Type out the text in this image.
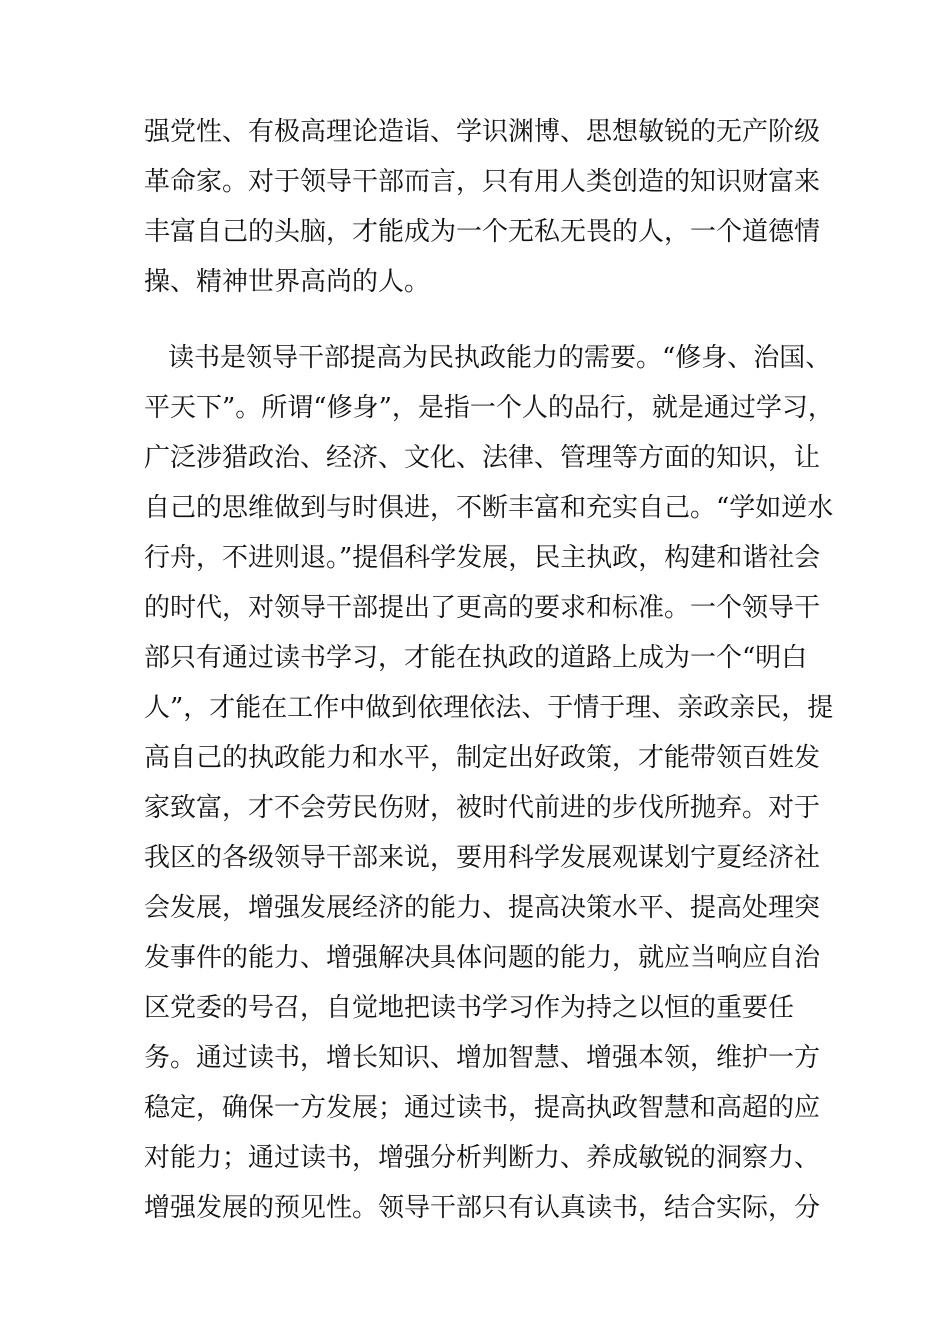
强党性、有极高理论造诣、学识渊博、思想敏锐的无产阶级
革命家。对于领导干部而言，只有用人类创造的知识财富来
丰富自己的头脑，才能成为一个无私无畏的人，一个道德情
操、精神世界高尚的人。
读书是领导干部提高为民执政能力的需要。“修身、治国、
平天下”。所谓“修身”，是指一个人的品行，就是通过学习，
广泛涉猎政治、经济、文化、法律、管理等方面的知识，让
自己的思维做到与时俱进，不断丰富和充实自己。“学如逆水
行舟，不进则退。”提倡科学发展，民主执政，构建和谐社会
的时代，对领导干部提出了更高的要求和标准。一个领导干
部只有通过读书学习，才能在执政的道路上成为一个“明白
人”，才能在工作中做到依理依法、于情于理、亲政亲民，提
高自己的执政能力和水平，制定出好政策，才能带领百姓发
家致富，才不会劳民伤财，被时代前进的步伐所抛弃。对于
我区的各级领导干部来说，要用科学发展观谋划宁夏经济社
会发展，增强发展经济的能力、提高决策水平、提高处理突
发事件的能力、增强解决具体问题的能力，就应当响应自治
区党委的号召，自觉地把读书学习作为持之以恒的重要任
务。通过读书，增长知识、增加智慧、增强本领，维护一方
稳定，确保一方发展；通过读书，提高执政智慧和高超的应
对能力；通过读书，增强分析判断力、养成敏锐的洞察力、
增强发展的预见性。领导干部只有认真读书，结合实际，分
